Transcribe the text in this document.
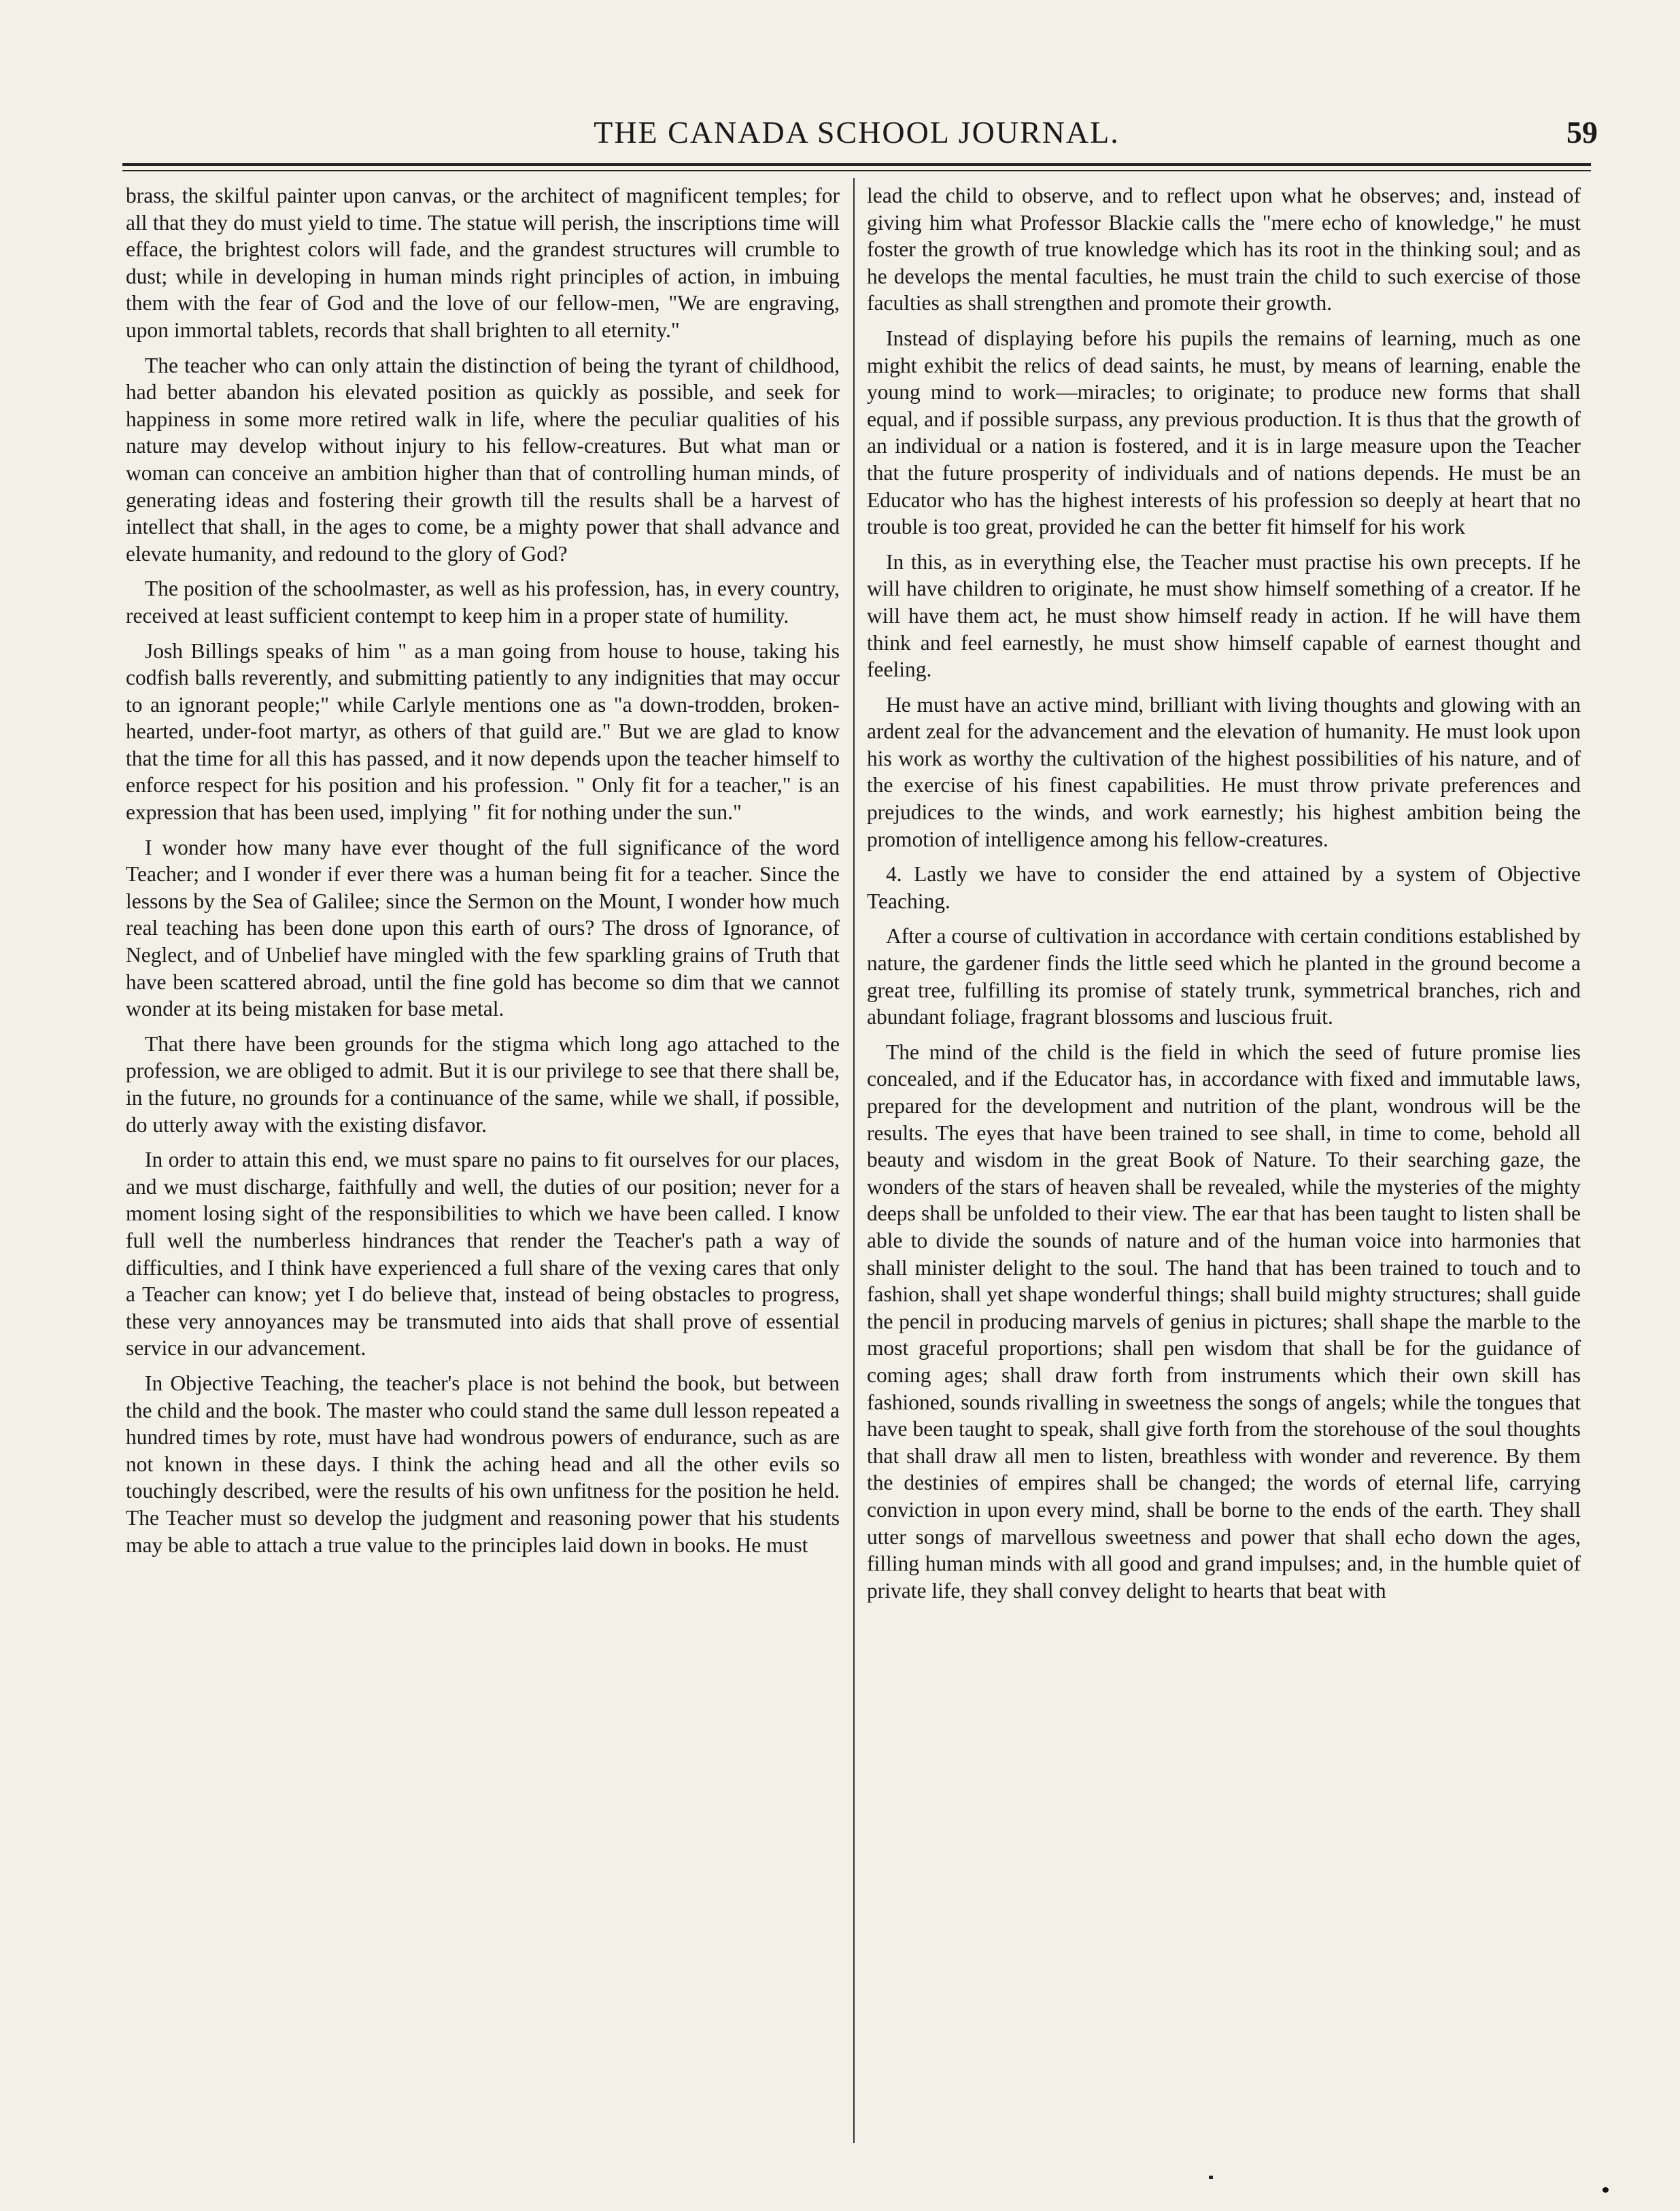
THE CANADA SCHOOL JOURNAL.	59

brass, the skilful painter upon canvas, or the architect of magnificent temples; for all that they do must yield to time. The statue will perish, the inscriptions time will efface, the brightest colors will fade, and the grandest structures will crumble to dust; while in developing in human minds right principles of action, in imbuing them with the fear of God and the love of our fellow-men, "We are engraving, upon immortal tablets, records that shall brighten to all eternity."

The teacher who can only attain the distinction of being the tyrant of childhood, had better abandon his elevated position as quickly as possible, and seek for happiness in some more retired walk in life, where the peculiar qualities of his nature may develop without injury to his fellow-creatures. But what man or woman can conceive an ambition higher than that of controlling human minds, of generating ideas and fostering their growth till the results shall be a harvest of intellect that shall, in the ages to come, be a mighty power that shall advance and elevate humanity, and redound to the glory of God?

The position of the schoolmaster, as well as his profession, has, in every country, received at least sufficient contempt to keep him in a proper state of humility.

Josh Billings speaks of him " as a man going from house to house, taking his codfish balls reverently, and submitting patiently to any indignities that may occur to an ignorant people;" while Carlyle mentions one as "a down-trodden, broken-hearted, under-foot martyr, as others of that guild are." But we are glad to know that the time for all this has passed, and it now depends upon the teacher himself to enforce respect for his position and his profession. " Only fit for a teacher," is an expression that has been used, implying " fit for nothing under the sun."

I wonder how many have ever thought of the full significance of the word Teacher; and I wonder if ever there was a human being fit for a teacher. Since the lessons by the Sea of Galilee; since the Sermon on the Mount, I wonder how much real teaching has been done upon this earth of ours? The dross of Ignorance, of Neglect, and of Unbelief have mingled with the few sparkling grains of Truth that have been scattered abroad, until the fine gold has become so dim that we cannot wonder at its being mistaken for base metal.

That there have been grounds for the stigma which long ago attached to the profession, we are obliged to admit. But it is our privilege to see that there shall be, in the future, no grounds for a continuance of the same, while we shall, if possible, do utterly away with the existing disfavor.

In order to attain this end, we must spare no pains to fit ourselves for our places, and we must discharge, faithfully and well, the duties of our position; never for a moment losing sight of the responsibilities to which we have been called. I know full well the numberless hindrances that render the Teacher's path a way of difficulties, and I think have experienced a full share of the vexing cares that only a Teacher can know; yet I do believe that, instead of being obstacles to progress, these very annoyances may be transmuted into aids that shall prove of essential service in our advancement.

In Objective Teaching, the teacher's place is not behind the book, but between the child and the book. The master who could stand the same dull lesson repeated a hundred times by rote, must have had wondrous powers of endurance, such as are not known in these days. I think the aching head and all the other evils so touchingly described, were the results of his own unfitness for the position he held. The Teacher must so develop the judgment and reasoning power that his students may be able to attach a true value to the principles laid down in books. He must

lead the child to observe, and to reflect upon what he observes; and, instead of giving him what Professor Blackie calls the "mere echo of knowledge," he must foster the growth of true knowledge which has its root in the thinking soul; and as he develops the mental faculties, he must train the child to such exercise of those faculties as shall strengthen and promote their growth.

Instead of displaying before his pupils the remains of learning, much as one might exhibit the relics of dead saints, he must, by means of learning, enable the young mind to work—miracles; to originate; to produce new forms that shall equal, and if possible surpass, any previous production. It is thus that the growth of an individual or a nation is fostered, and it is in large measure upon the Teacher that the future prosperity of individuals and of nations depends. He must be an Educator who has the highest interests of his profession so deeply at heart that no trouble is too great, provided he can the better fit himself for his work

In this, as in everything else, the Teacher must practise his own precepts. If he will have children to originate, he must show himself something of a creator. If he will have them act, he must show himself ready in action. If he will have them think and feel earnestly, he must show himself capable of earnest thought and feeling.

He must have an active mind, brilliant with living thoughts and glowing with an ardent zeal for the advancement and the elevation of humanity. He must look upon his work as worthy the cultivation of the highest possibilities of his nature, and of the exercise of his finest capabilities. He must throw private preferences and prejudices to the winds, and work earnestly; his highest ambition being the promotion of intelligence among his fellow-creatures.

4. Lastly we have to consider the end attained by a system of Objective Teaching.

After a course of cultivation in accordance with certain conditions established by nature, the gardener finds the little seed which he planted in the ground become a great tree, fulfilling its promise of stately trunk, symmetrical branches, rich and abundant foliage, fragrant blossoms and luscious fruit.

The mind of the child is the field in which the seed of future promise lies concealed, and if the Educator has, in accordance with fixed and immutable laws, prepared for the development and nutrition of the plant, wondrous will be the results. The eyes that have been trained to see shall, in time to come, behold all beauty and wisdom in the great Book of Nature. To their searching gaze, the wonders of the stars of heaven shall be revealed, while the mysteries of the mighty deeps shall be unfolded to their view. The ear that has been taught to listen shall be able to divide the sounds of nature and of the human voice into harmonies that shall minister delight to the soul. The hand that has been trained to touch and to fashion, shall yet shape wonderful things; shall build mighty structures; shall guide the pencil in producing marvels of genius in pictures; shall shape the marble to the most graceful proportions; shall pen wisdom that shall be for the guidance of coming ages; shall draw forth from instruments which their own skill has fashioned, sounds rivalling in sweetness the songs of angels; while the tongues that have been taught to speak, shall give forth from the storehouse of the soul thoughts that shall draw all men to listen, breathless with wonder and reverence. By them the destinies of empires shall be changed; the words of eternal life, carrying conviction in upon every mind, shall be borne to the ends of the earth. They shall utter songs of marvellous sweetness and power that shall echo down the ages, filling human minds with all good and grand impulses; and, in the humble quiet of private life, they shall convey delight to hearts that beat with
